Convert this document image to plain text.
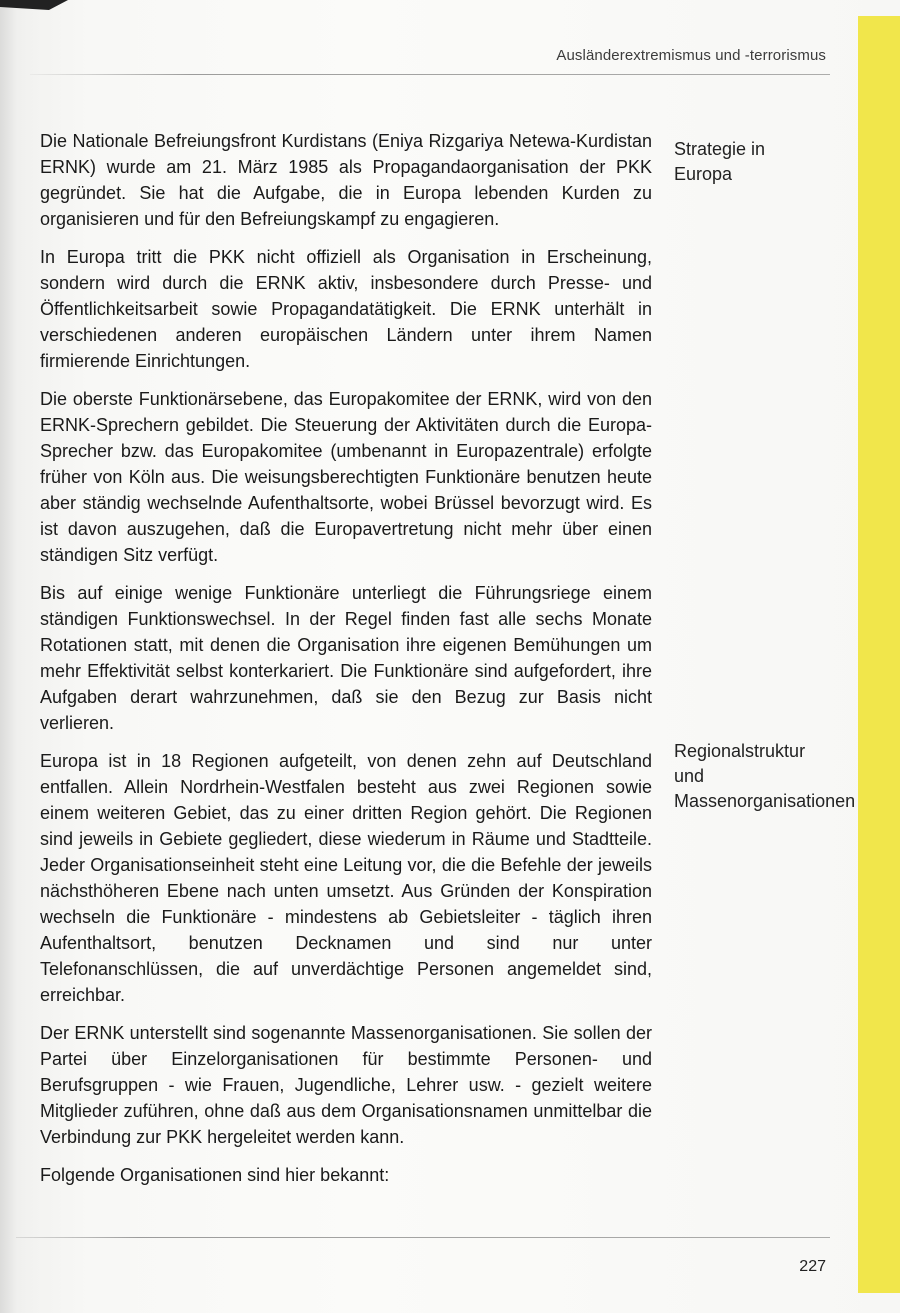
Ausländerextremismus und -terrorismus

Die Nationale Befreiungsfront Kurdistans (Eniya Rizgariya Netewa-Kurdistan ERNK) wurde am 21. März 1985 als Propagandaorganisation der PKK gegründet. Sie hat die Aufgabe, die in Europa lebenden Kurden zu organisieren und für den Befreiungskampf zu engagieren.

In Europa tritt die PKK nicht offiziell als Organisation in Erscheinung, sondern wird durch die ERNK aktiv, insbesondere durch Presse- und Öffentlichkeitsarbeit sowie Propagandatätigkeit. Die ERNK unterhält in verschiedenen anderen europäischen Ländern unter ihrem Namen firmierende Einrichtungen.

Die oberste Funktionärsebene, das Europakomitee der ERNK, wird von den ERNK-Sprechern gebildet. Die Steuerung der Aktivitäten durch die Europa-Sprecher bzw. das Europakomitee (umbenannt in Europazentrale) erfolgte früher von Köln aus. Die weisungsberechtigten Funktionäre benutzen heute aber ständig wechselnde Aufenthaltsorte, wobei Brüssel bevorzugt wird. Es ist davon auszugehen, daß die Europavertretung nicht mehr über einen ständigen Sitz verfügt.

Bis auf einige wenige Funktionäre unterliegt die Führungsriege einem ständigen Funktionswechsel. In der Regel finden fast alle sechs Monate Rotationen statt, mit denen die Organisation ihre eigenen Bemühungen um mehr Effektivität selbst konterkariert. Die Funktionäre sind aufgefordert, ihre Aufgaben derart wahrzunehmen, daß sie den Bezug zur Basis nicht verlieren.

Europa ist in 18 Regionen aufgeteilt, von denen zehn auf Deutschland entfallen. Allein Nordrhein-Westfalen besteht aus zwei Regionen sowie einem weiteren Gebiet, das zu einer dritten Region gehört. Die Regionen sind jeweils in Gebiete gegliedert, diese wiederum in Räume und Stadtteile. Jeder Organisationseinheit steht eine Leitung vor, die die Befehle der jeweils nächsthöheren Ebene nach unten umsetzt. Aus Gründen der Konspiration wechseln die Funktionäre - mindestens ab Gebietsleiter - täglich ihren Aufenthaltsort, benutzen Decknamen und sind nur unter Telefonanschlüssen, die auf unverdächtige Personen angemeldet sind, erreichbar.

Der ERNK unterstellt sind sogenannte Massenorganisationen. Sie sollen der Partei über Einzelorganisationen für bestimmte Personen- und Berufsgruppen - wie Frauen, Jugendliche, Lehrer usw. - gezielt weitere Mitglieder zuführen, ohne daß aus dem Organisationsnamen unmittelbar die Verbindung zur PKK hergeleitet werden kann.

Folgende Organisationen sind hier bekannt:

Strategie in Europa
Regionalstruktur und Massenorganisationen
227
